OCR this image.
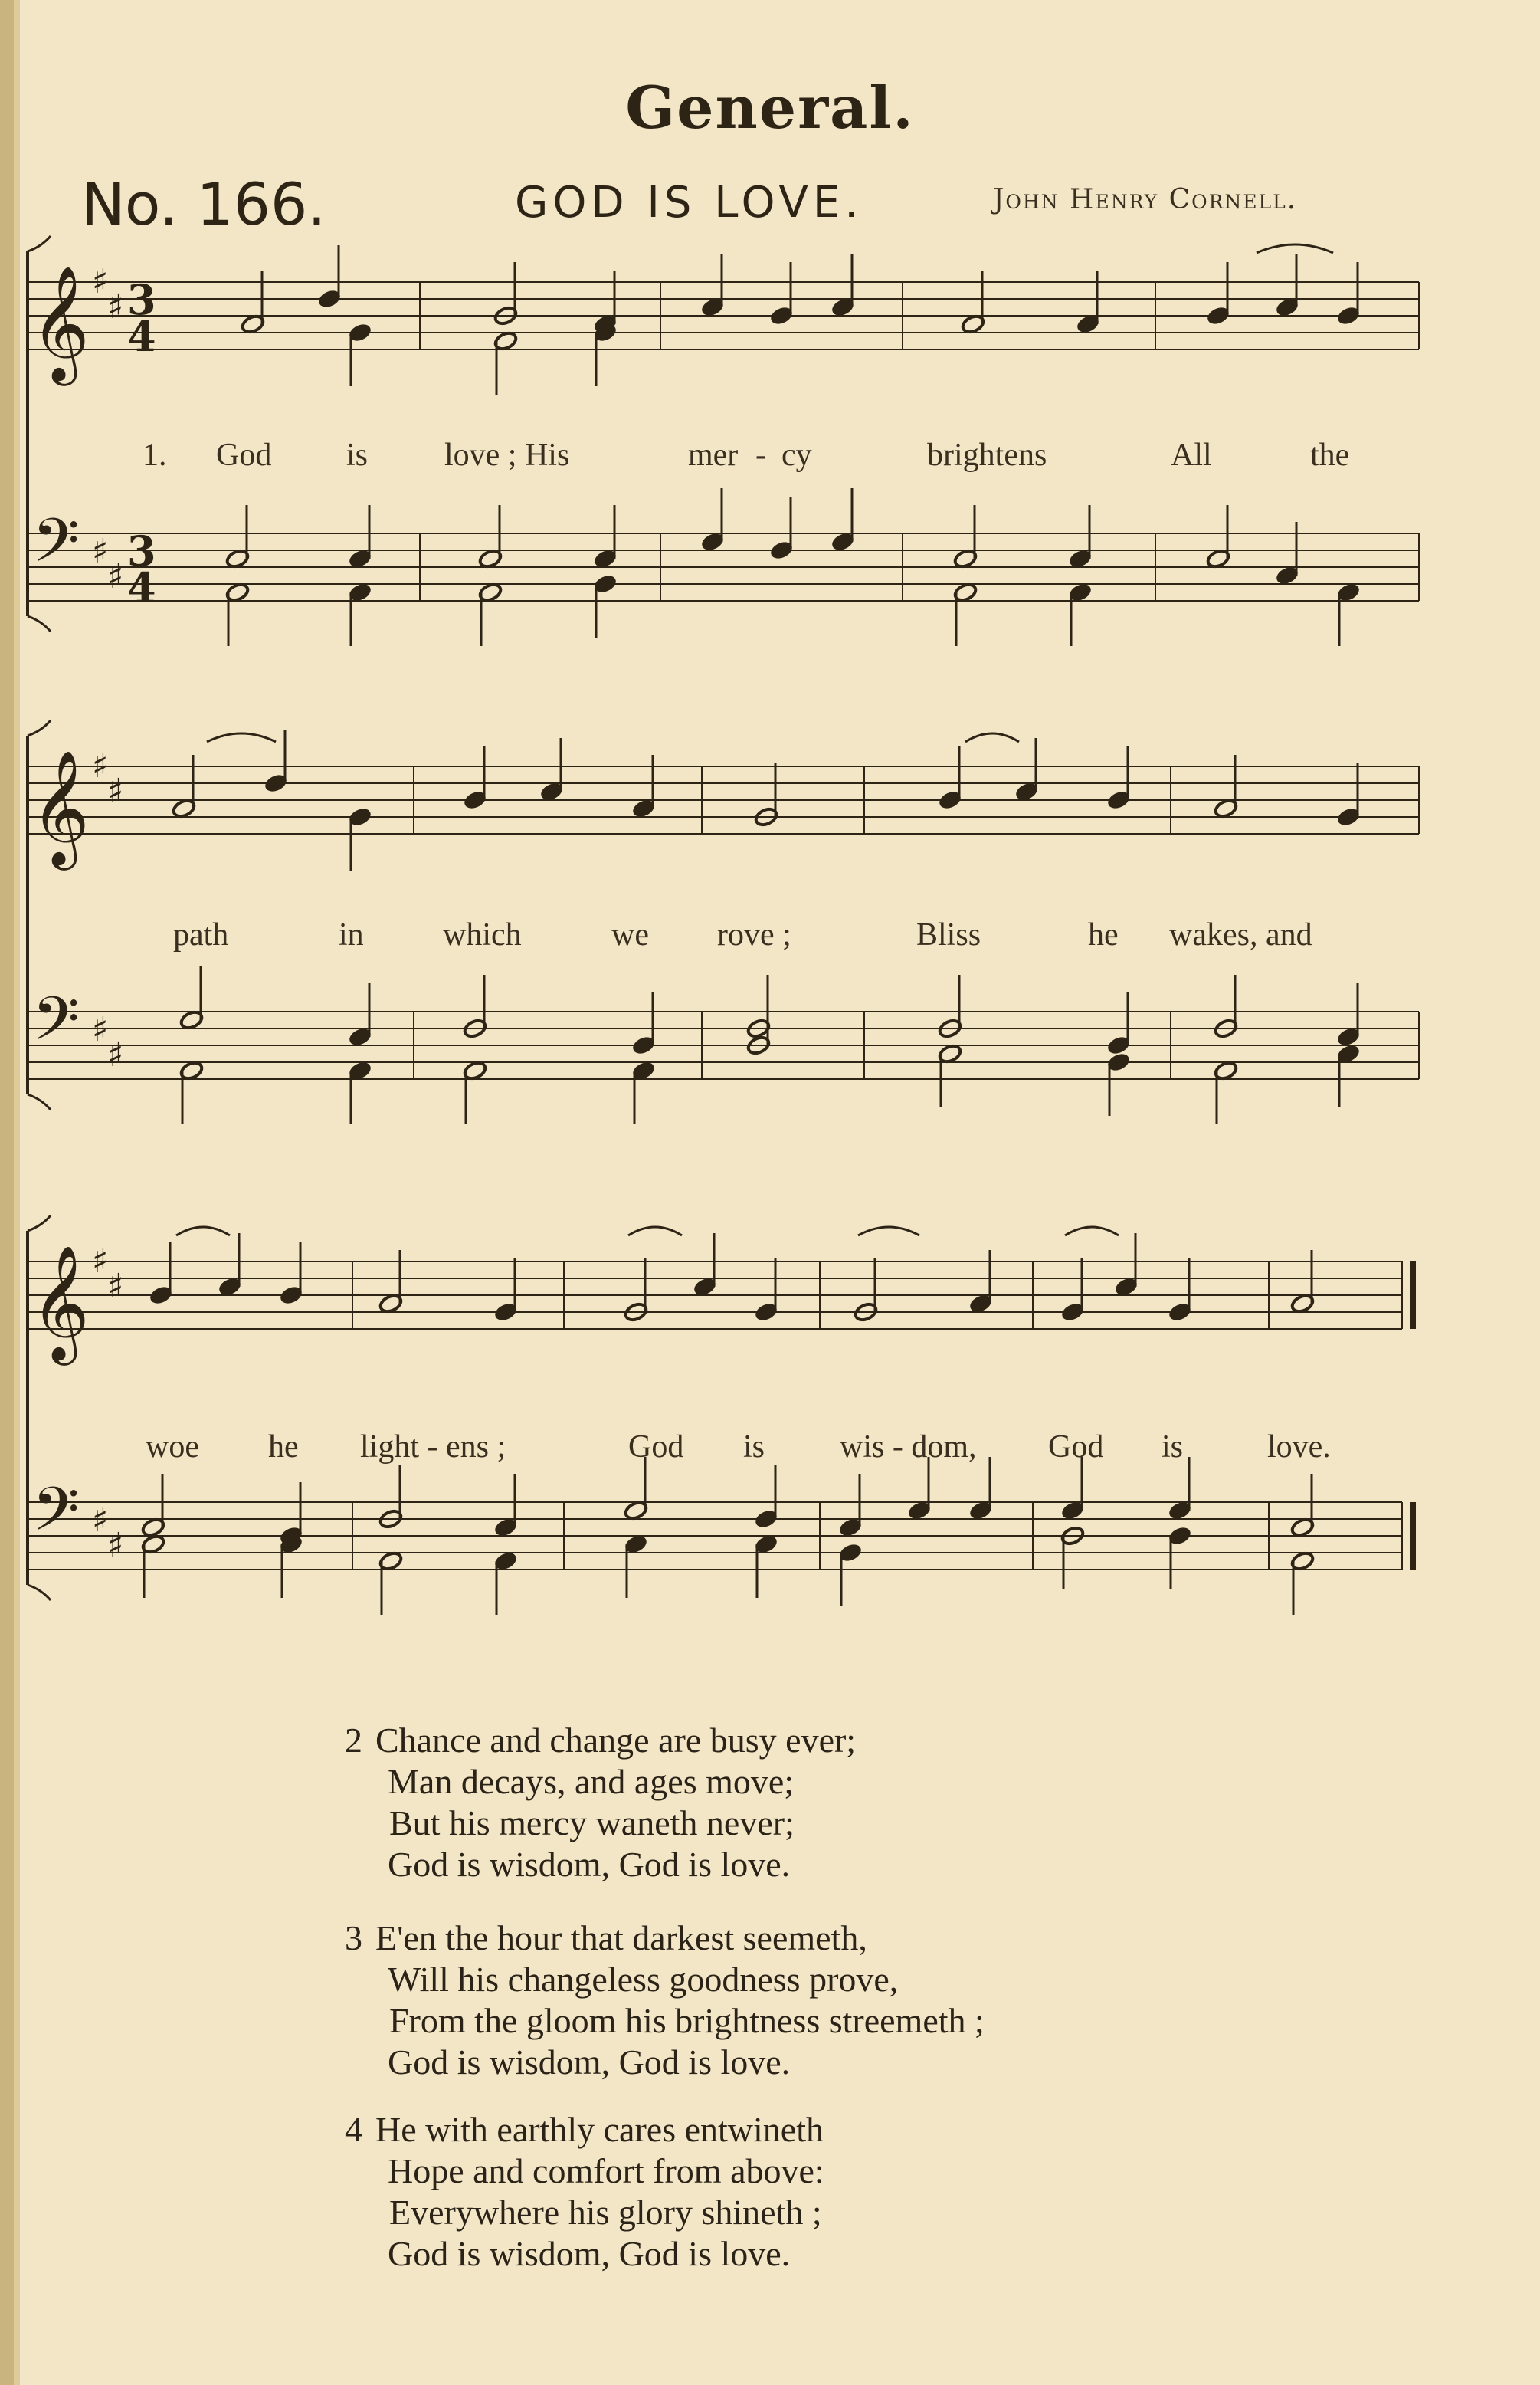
General.
No. 166.	GOD IS LOVE.	John Henry Cornell.
𝄞
𝄢
♯
♯
♯
♯
𝄞
𝄢
♯
♯
♯
♯
𝄞
𝄢
♯
♯
♯
♯
3
4
3
4
1. God is love ; His	mer - cy	brightens	All	the
path	in which	we rove ;	Bliss	he wakes, and
woe he light - ens ;	God is wis - dom, God is	love.
2 Chance and change are busy ever;
Man decays, and ages move;
But his mercy waneth never;
God is wisdom, God is love.
3 E'en the hour that darkest seemeth,
Will his changeless goodness prove,
From the gloom his brightness streemeth ;
God is wisdom, God is love.
4 He with earthly cares entwineth
Hope and comfort from above:
Everywhere his glory shineth ;
God is wisdom, God is love.
